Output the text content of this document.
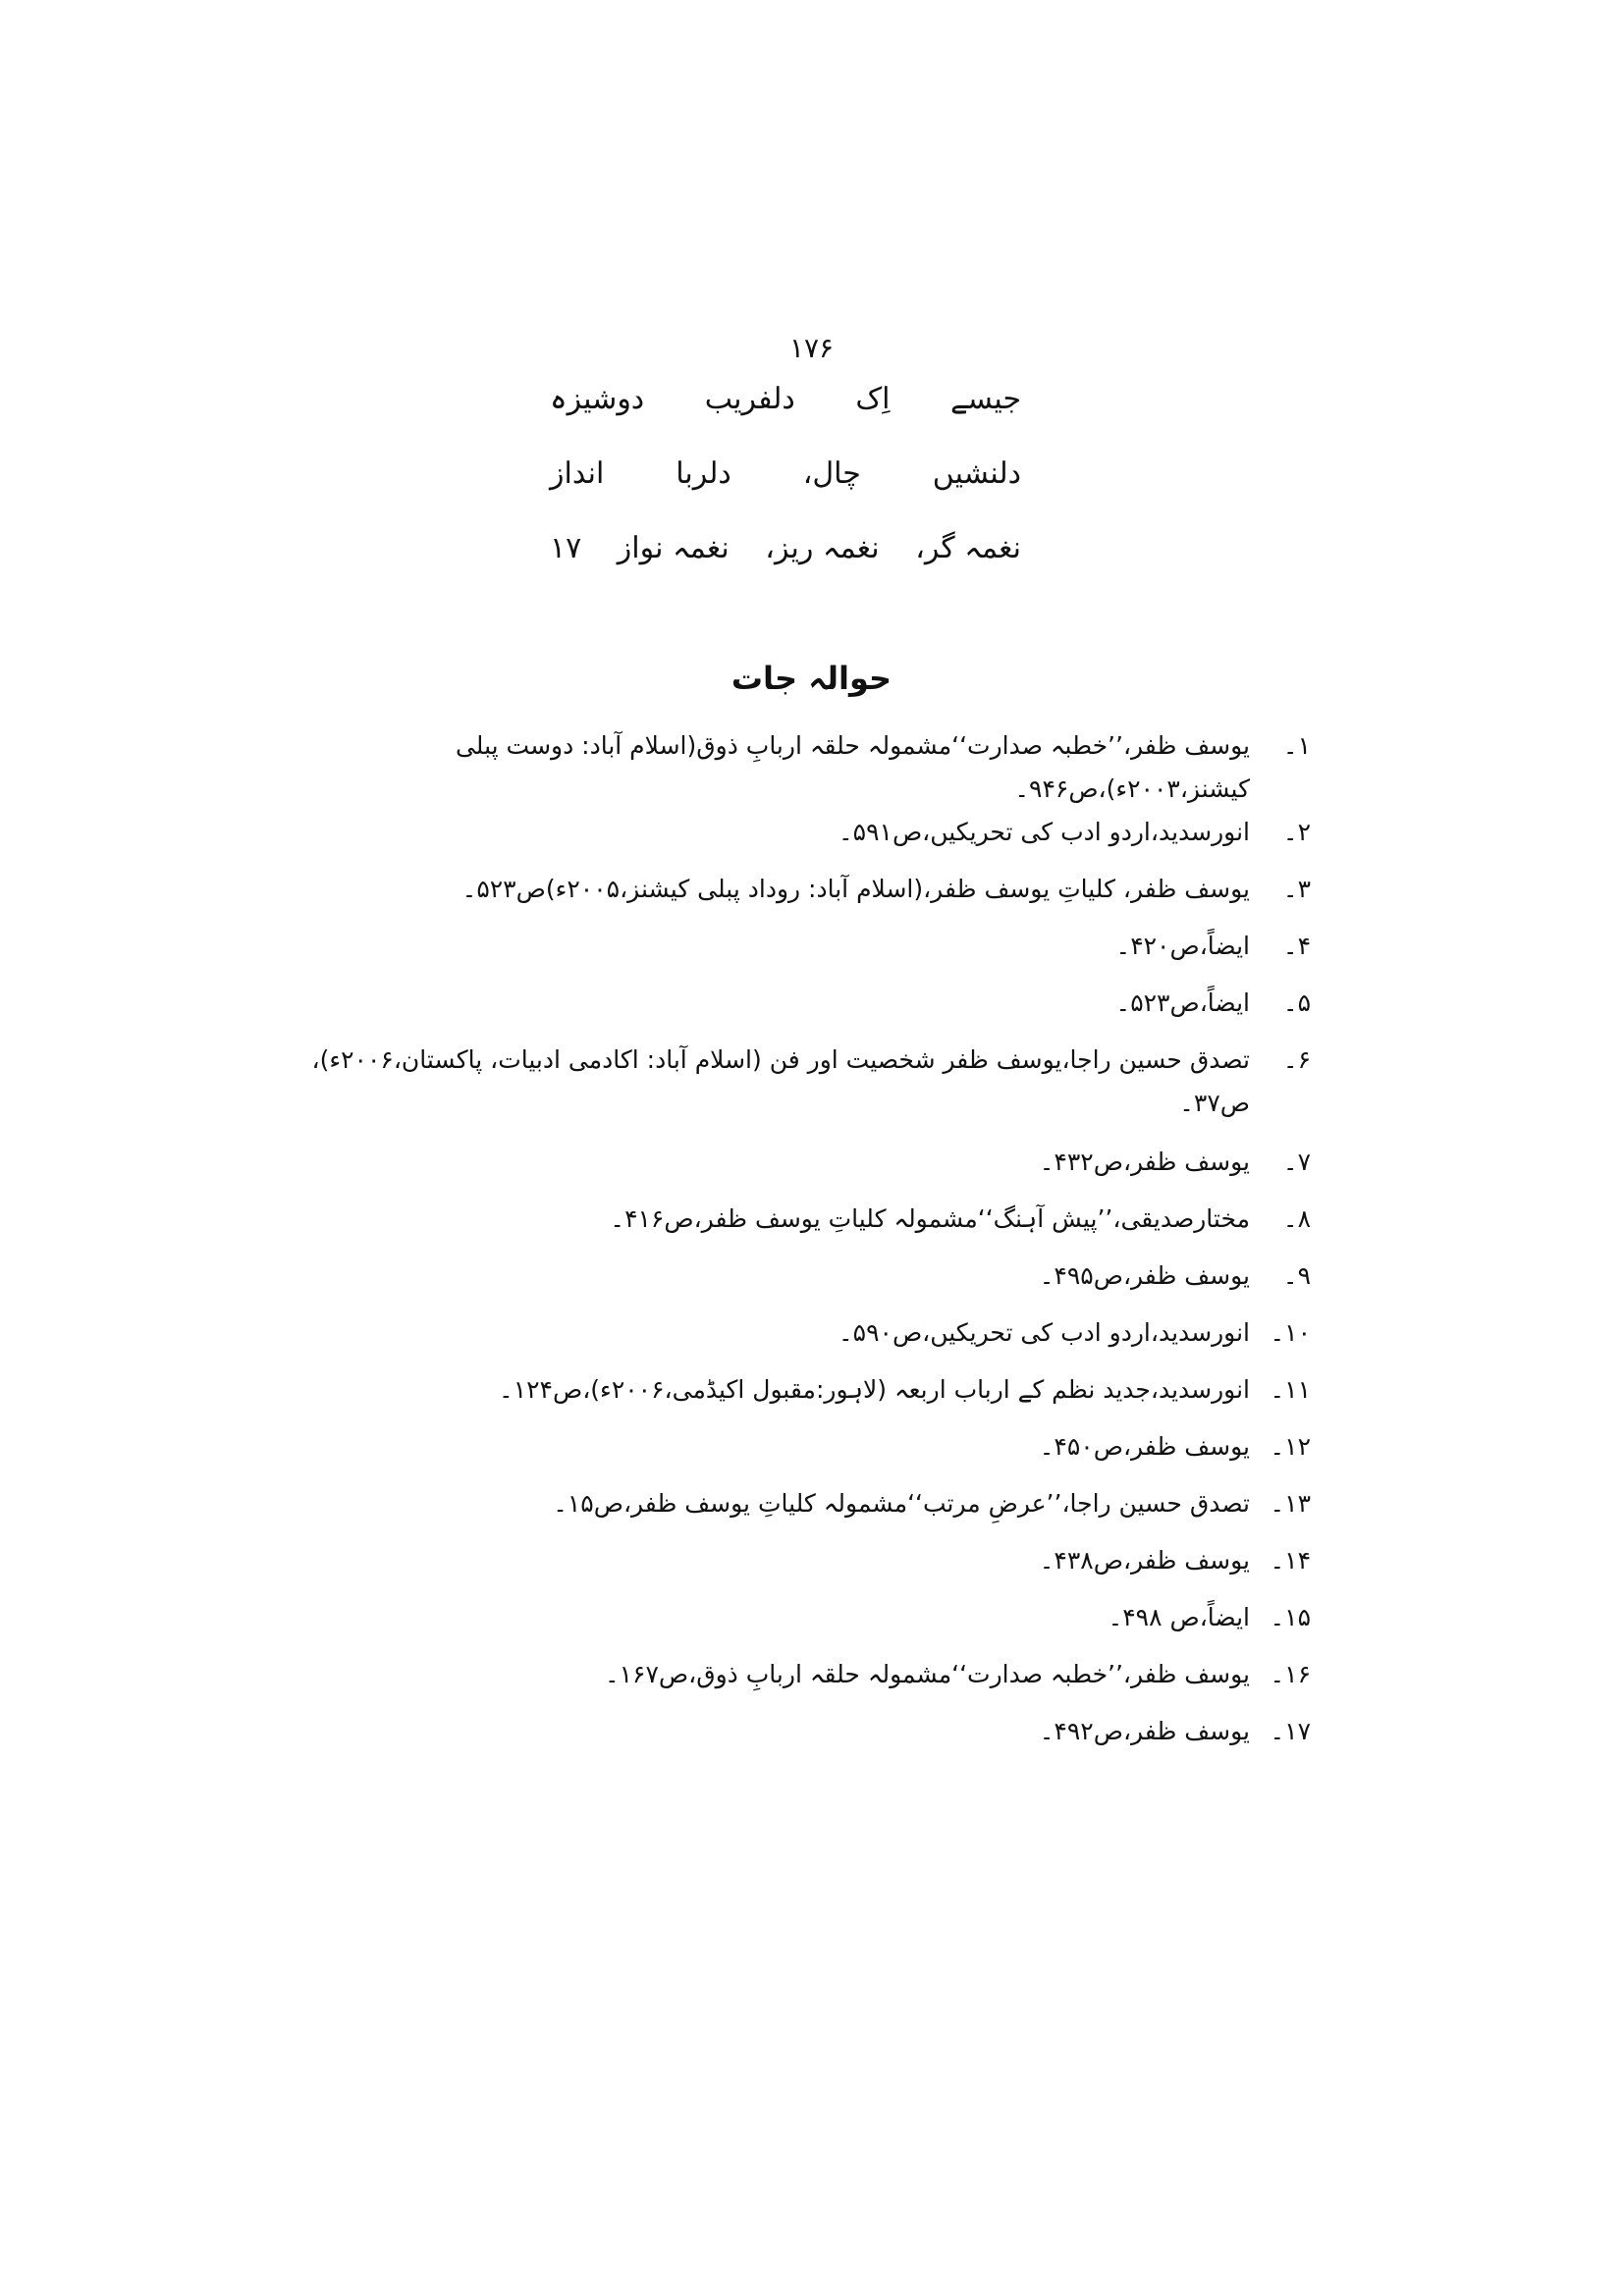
۱۷۶
جیسے
اِک
دلفریب
دوشیزہ
دلنشیں
چال،
دلربا
انداز
نغمہ گر،
نغمہ ریز،
نغمہ نواز
۱۷
حوالہ جات
۱۔
یوسف ظفر،’’خطبہ صدارت‘‘مشمولہ حلقہ اربابِ ذوق(اسلام آباد: دوست پبلی کیشنز،۲۰۰۳ء)،ص۹۴۶۔
۲۔
انورسدید،اردو ادب کی تحریکیں،ص۵۹۱۔
۳۔
یوسف ظفر، کلیاتِ یوسف ظفر،(اسلام آباد: روداد پبلی کیشنز،۲۰۰۵ء)ص۵۲۳۔
۴۔
ایضاً،ص۴۲۰۔
۵۔
ایضاً،ص۵۲۳۔
۶۔
تصدق حسین راجا،یوسف ظفر شخصیت اور فن (اسلام آباد: اکادمی ادبیات، پاکستان،۲۰۰۶ء)، ص۳۷۔
۷۔
یوسف ظفر،ص۴۳۲۔
۸۔
مختارصدیقی،’’پیش آہنگ‘‘مشمولہ کلیاتِ یوسف ظفر،ص۴۱۶۔
۹۔
یوسف ظفر،ص۴۹۵۔
۱۰۔
انورسدید،اردو ادب کی تحریکیں،ص۵۹۰۔
۱۱۔
انورسدید،جدید نظم کے ارباب اربعہ (لاہور:مقبول اکیڈمی،۲۰۰۶ء)،ص۱۲۴۔
۱۲۔
یوسف ظفر،ص۴۵۰۔
۱۳۔
تصدق حسین راجا،’’عرضِ مرتب‘‘مشمولہ کلیاتِ یوسف ظفر،ص۱۵۔
۱۴۔
یوسف ظفر،ص۴۳۸۔
۱۵۔
ایضاً،ص ۴۹۸۔
۱۶۔
یوسف ظفر،’’خطبہ صدارت‘‘مشمولہ حلقہ اربابِ ذوق،ص۱۶۷۔
۱۷۔
یوسف ظفر،ص۴۹۲۔
